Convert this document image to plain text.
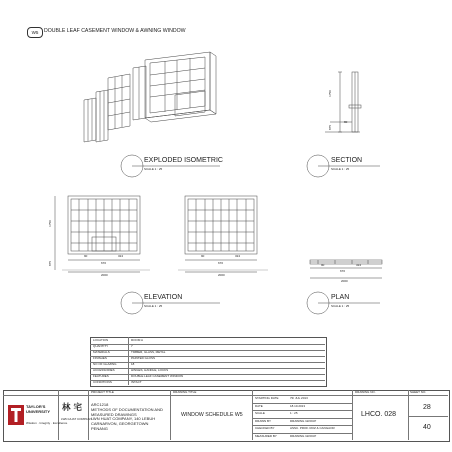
W5	DOUBLE LEAF CASEMENT WINDOW & AWNING WINDOW
EXPLODED ISOMETRIC
SCALE 1 : 25
SECTION
SCALE 1 : 25
ELEVATION
SCALE 1 : 25
PLAN
SCALE 1 : 25
1750
875
80
1750
875
90
670
324
2000
90
670
324
2000
90
670
324
2000
LOCATION	ROOM A
QUANTITY	7
MATERIALS	TIMBER, GLASS, METAL
FINISHES	PAINTED GLOSS
NO OF GLAZING	18
ACCESSORIES	HINGES, HANDLE, LOCKS
FEATURES	DOUBLE LEAF CASEMENT WINDOW
CONDITIONS	INTACT
TAYLOR'S UNIVERSITY
Wisdom · Integrity · Excellence
林 宅
LWN HUAT COMPANY
PROJECT TITLE
ARC1218
METHODS OF DOCUMENTATION AND
MEASURED DRAWINGS
LWN HUAT COMPANY, 140 LEBUH
CARNARVON, GEORGETOWN
PENANG
DRAWING TITLE
WINDOW SCHEDULE W5
STARTING DATE	7th JUL 2013
DATE	18.10.2013
SCALE	1 : 25
DRAWN BY	DRAWING GROUP
CHECKED BY	ASSC. PROF. ROZ & CANGAOR
MEASURED BY	DRAWING GROUP
DRAWING NO.
LHCO. 028
SHEET NO.
28
40
